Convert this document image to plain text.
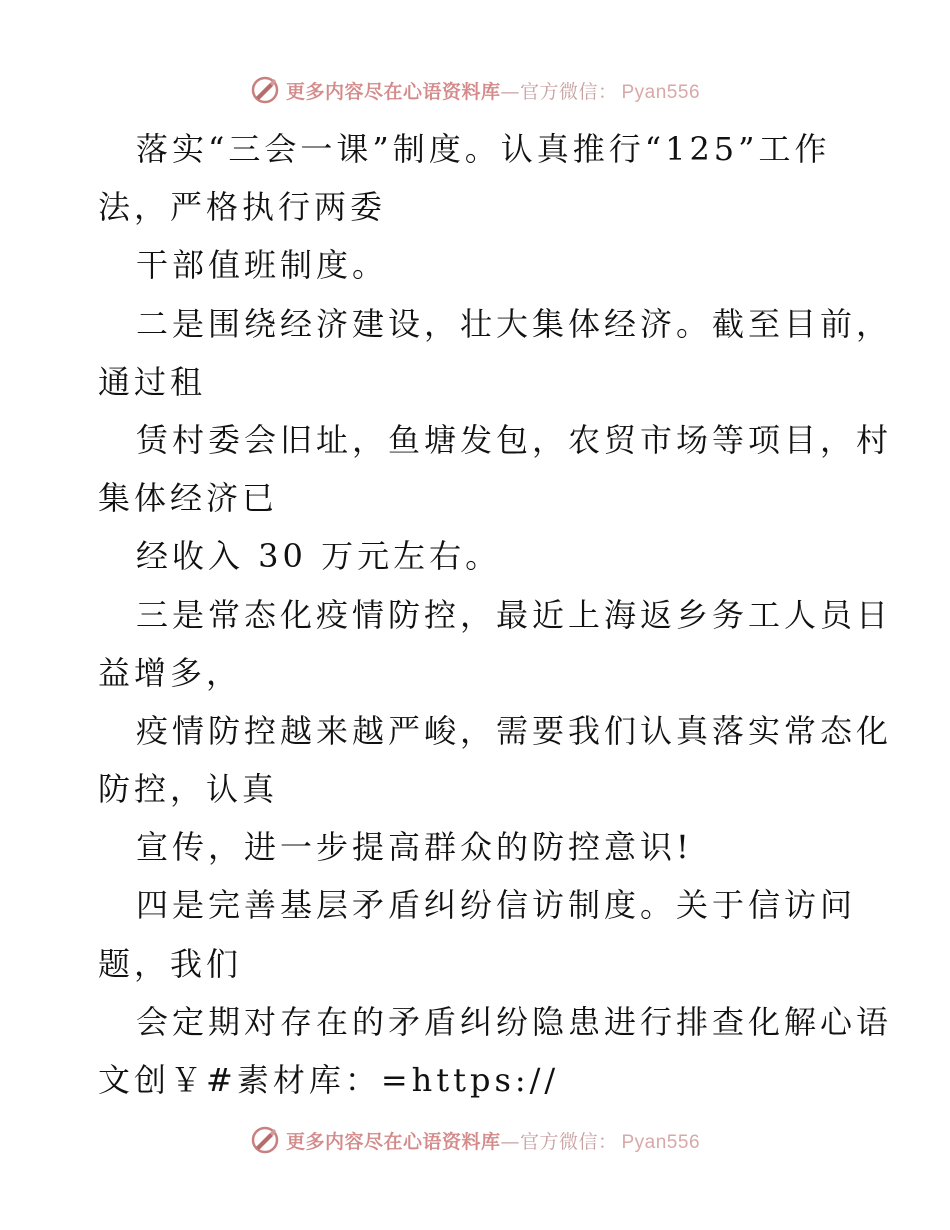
更多内容尽在心语资料库—官方微信： Pyan556
落实“三会一课”制度。认真推行“125”工作
法，严格执行两委
干部值班制度。
二是围绕经济建设，壮大集体经济。截至目前，
通过租
赁村委会旧址，鱼塘发包，农贸市场等项目，村
集体经济已
经收入 30 万元左右。
三是常态化疫情防控，最近上海返乡务工人员日
益增多，
疫情防控越来越严峻，需要我们认真落实常态化
防控，认真
宣传，进一步提高群众的防控意识!
四是完善基层矛盾纠纷信访制度。关于信访问
题，我们
会定期对存在的矛盾纠纷隐患进行排查化解心语
文创￥#素材库：=https://
更多内容尽在心语资料库—官方微信： Pyan556
